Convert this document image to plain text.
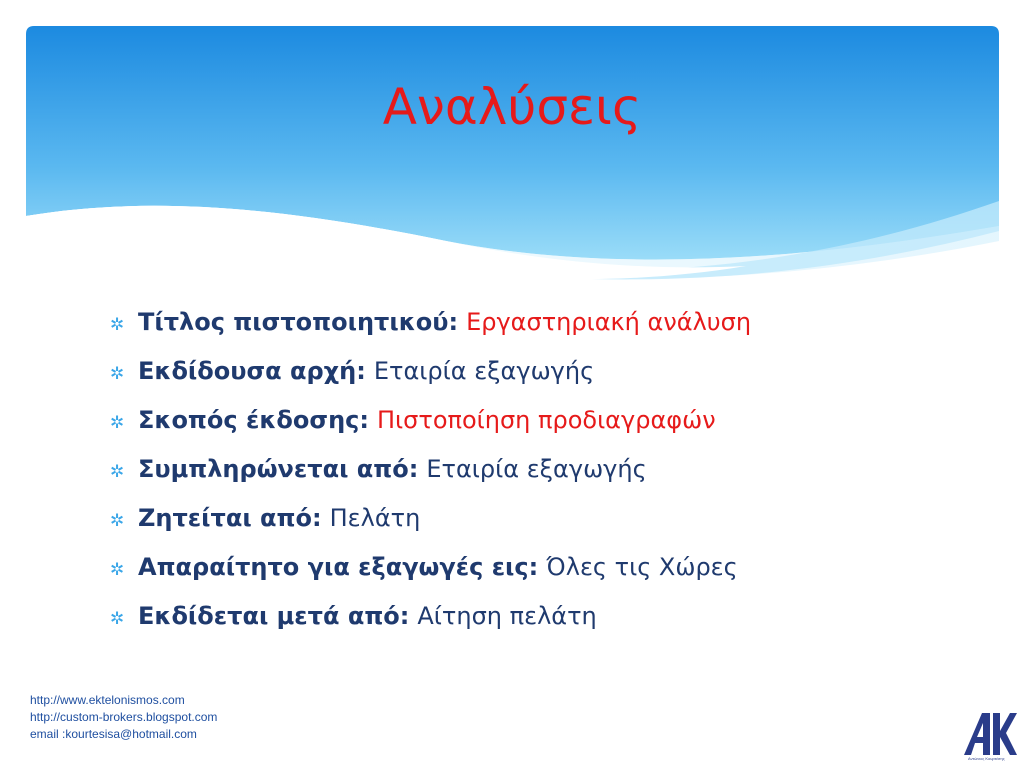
Αναλύσεις
✲ Τίτλος πιστοποιητικού: Εργαστηριακή ανάλυση
✲ Εκδίδουσα αρχή: Εταιρία εξαγωγής
✲ Σκοπός έκδοσης: Πιστοποίηση προδιαγραφών
✲ Συμπληρώνεται από: Εταιρία εξαγωγής
✲ Ζητείται από: Πελάτη
✲ Απαραίτητο για εξαγωγές εις: Όλες τις Χώρες
✲ Εκδίδεται μετά από: Αίτηση πελάτη
http://www.ektelonismos.com
http://custom-brokers.blogspot.com
email :kourtesisa@hotmail.com
Αντώνιος Κουρτέσης
